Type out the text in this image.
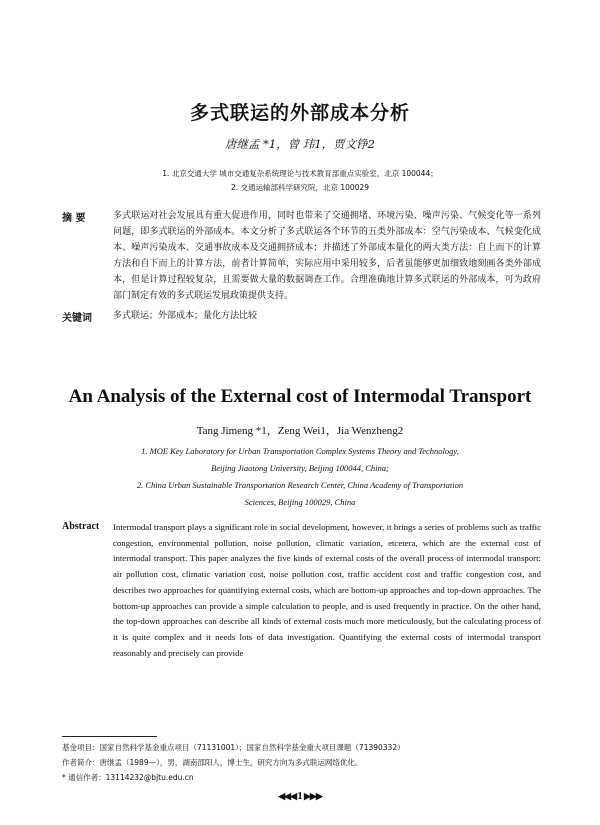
多式联运的外部成本分析
唐继孟 *1，曾 玮1，贾文铮2
1. 北京交通大学 城市交通复杂系统理论与技术教育部重点实验室，北京 100044；
2. 交通运输部科学研究院，北京 100029
摘 要	多式联运对社会发展具有重大促进作用，同时也带来了交通拥堵、环境污染、噪声污染、气候变化等一系列问题，即多式联运的外部成本。本文分析了多式联运各个环节的五类外部成本：空气污染成本、气候变化成本、噪声污染成本、交通事故成本及交通拥挤成本；并描述了外部成本量化的两大类方法：自上而下的计算方法和自下而上的计算方法，前者计算简单，实际应用中采用较多，后者虽能够更加细致地刻画各类外部成本，但是计算过程较复杂，且需要做大量的数据调查工作。合理准确地计算多式联运的外部成本，可为政府部门制定有效的多式联运发展政策提供支持。
关键词 多式联运；外部成本；量化方法比较
An Analysis of the External cost of Intermodal Transport
Tang Jimeng *1，Zeng Wei1，Jia Wenzheng2
1. MOE Key Laboratory for Urban Transportation Complex Systems Theory and Technology,
Beijing Jiaotong University, Beijing 100044, China;
2. China Urban Sustainable Transportation Research Center, China Academy of Transportation
Sciences, Beijing 100029, China
Abstract Intermodal transport plays a significant role in social development, however, it brings a series of problems such as traffic congestion, environmental pollution, noise pollution, climatic variation, etcetera, which are the external cost of intermodal transport. This paper analyzes the five kinds of external costs of the overall process of intermodal transport: air pollution cost, climatic variation cost, noise pollution cost, traffic accident cost and traffic congestion cost, and describes two approaches for quantifying external costs, which are bottom-up approaches and top-down approaches. The bottom-up approaches can provide a simple calculation to people, and is used frequently in practice. On the other hand, the top-down approaches can describe all kinds of external costs much more meticulously, but the calculating process of it is quite complex and it needs lots of data investigation. Quantifying the external costs of intermodal transport reasonably and precisely can provide
基金项目：国家自然科学基金重点项目（71131001）；国家自然科学基金重大项目课题（71390332）
作者简介：唐继孟（1989—），男，湖南邵阳人，博士生，研究方向为多式联运网络优化。
* 通信作者：13114232@bjtu.edu.cn
◀◀◀ 1 ▶▶▶
